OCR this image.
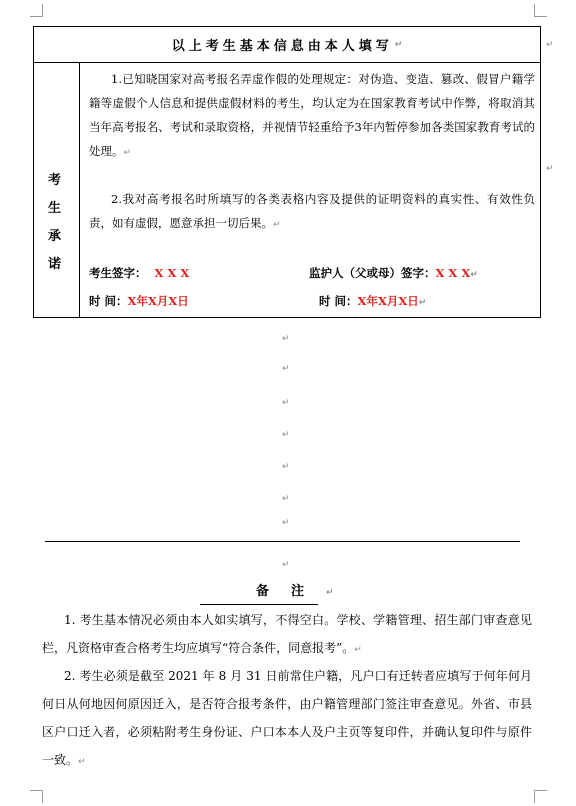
↵
↵
以上考生基本信息由本人填写 ↵
考
生
承
诺
1.已知晓国家对高考报名弄虚作假的处理规定：对伪造、变造、篡改、假冒户籍学籍等虚假个人信息和提供虚假材料的考生，均认定为在国家教育考试中作弊，将取消其当年高考报名、考试和录取资格，并视情节轻重给予3年内暂停参加各类国家教育考试的处理。↵
2.我对高考报名时所填写的各类表格内容及提供的证明资料的真实性、有效性负责，如有虚假，愿意承担一切后果。↵
考生签字： X X X	监护人（父或母）签字：X X X↵
时 间：X年X月X日	时 间：X年X月X日↵
↵
↵
↵
↵
↵
↵
↵
↵
备注↵
1. 考生基本情况必须由本人如实填写，不得空白。学校、学籍管理、招生部门审查意见栏，凡资格审查合格考生均应填写“符合条件，同意报考”。↵
2. 考生必须是截至 2021 年 8 月 31 日前常住户籍，凡户口有迁转者应填写于何年何月何日从何地因何原因迁入，是否符合报考条件，由户籍管理部门签注审查意见。外省、市县区户口迁入者，必须粘附考生身份证、户口本本人及户主页等复印件，并确认复印件与原件一致。↵
